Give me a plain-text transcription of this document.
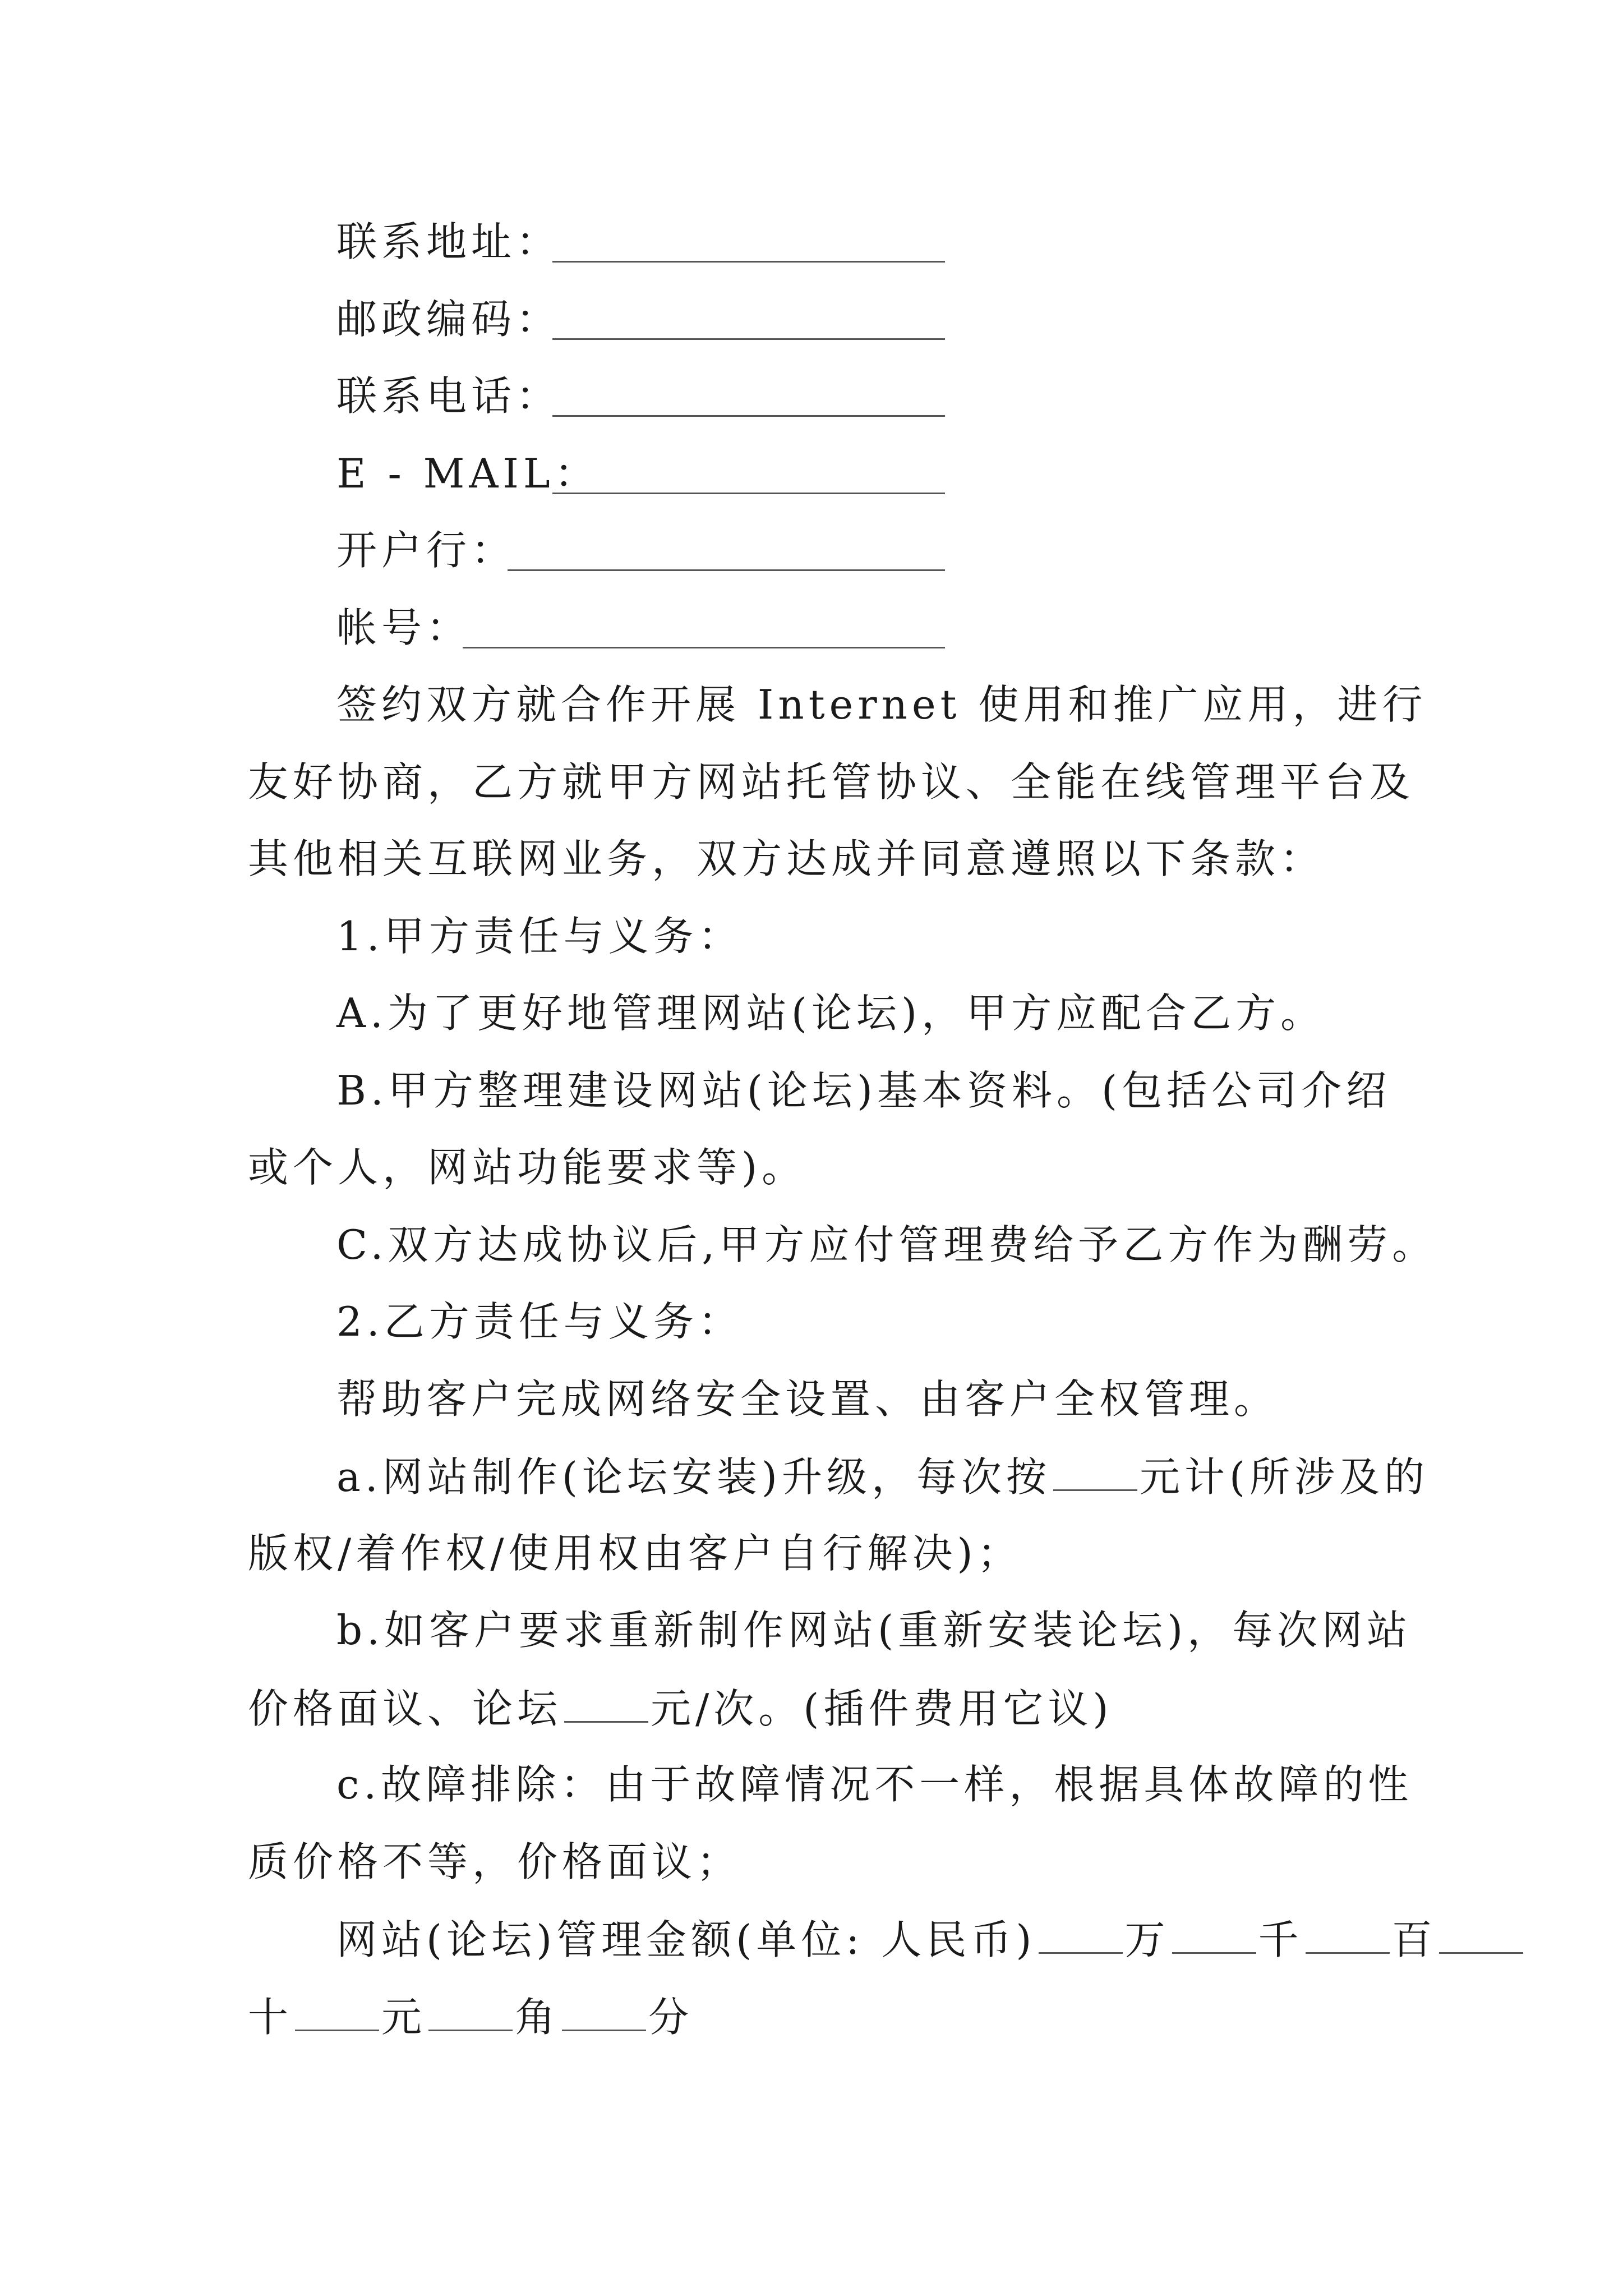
联系地址：
邮政编码：
联系电话：
E - MAIL：
开户行：
帐号：
签约双方就合作开展 Internet 使用和推广应用，进行
友好协商，乙方就甲方网站托管协议、全能在线管理平台及
其他相关互联网业务，双方达成并同意遵照以下条款：
1.甲方责任与义务：
A.为了更好地管理网站(论坛)，甲方应配合乙方。
B.甲方整理建设网站(论坛)基本资料。(包括公司介绍
或个人，网站功能要求等)。
C.双方达成协议后,甲方应付管理费给予乙方作为酬劳。
2.乙方责任与义务：
帮助客户完成网络安全设置、由客户全权管理。
a.网站制作(论坛安装)升级，每次按 元计(所涉及的
版权/着作权/使用权由客户自行解决)；
b.如客户要求重新制作网站(重新安装论坛)，每次网站
价格面议、论坛 元/次。(插件费用它议)
c.故障排除：由于故障情况不一样，根据具体故障的性
质价格不等，价格面议；
网站(论坛)管理金额(单位: 人民币) 万 千 百
十 元 角 分
